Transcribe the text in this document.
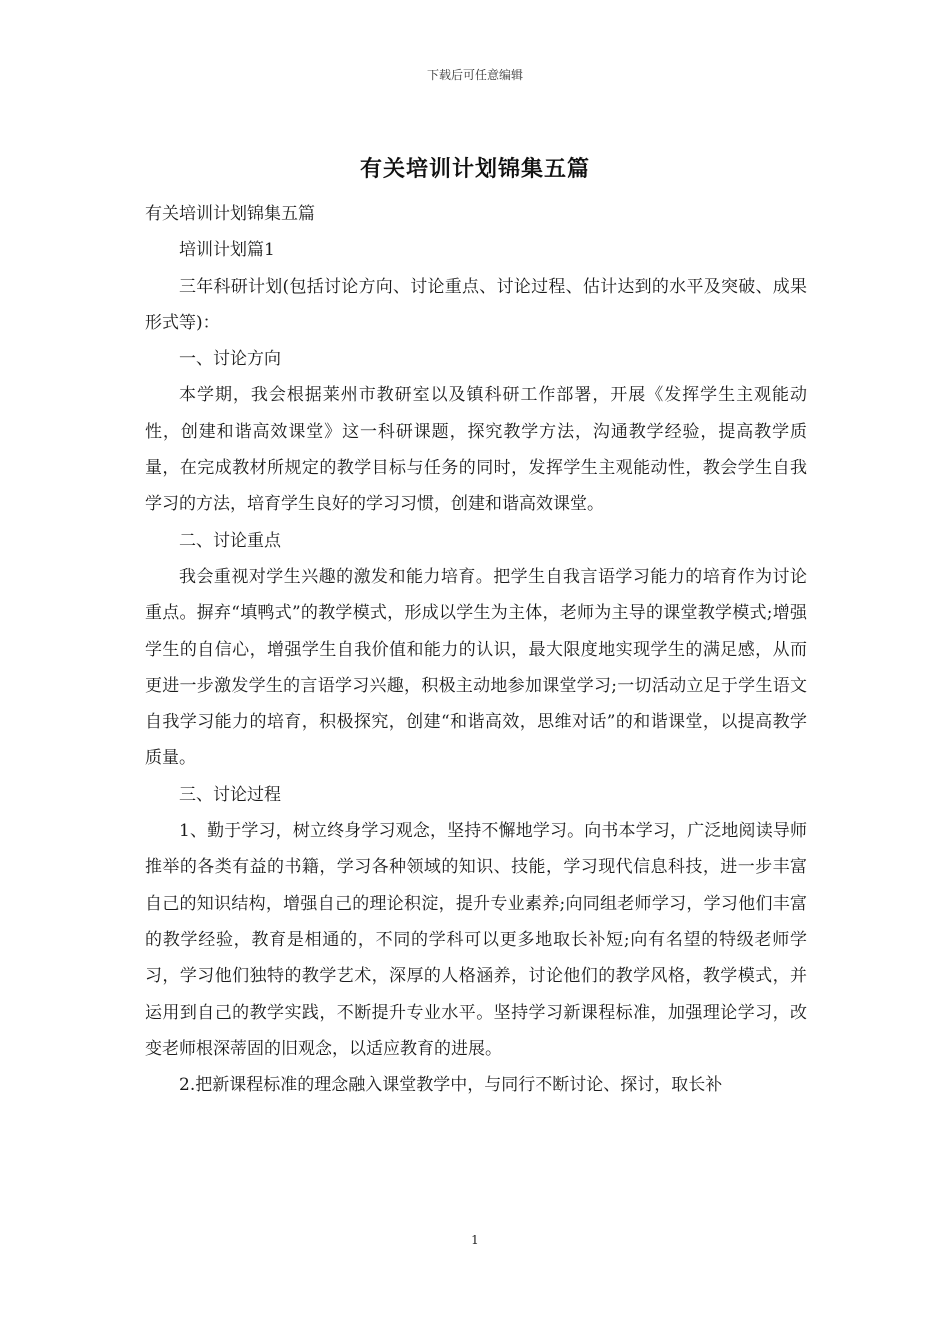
下载后可任意编辑
有关培训计划锦集五篇

有关培训计划锦集五篇

培训计划篇1

三年科研计划(包括讨论方向、讨论重点、讨论过程、估计达到的水平及突破、成果形式等)：

一、讨论方向

本学期，我会根据莱州市教研室以及镇科研工作部署，开展《发挥学生主观能动性，创建和谐高效课堂》这一科研课题，探究教学方法，沟通教学经验，提高教学质量，在完成教材所规定的教学目标与任务的同时，发挥学生主观能动性，教会学生自我学习的方法，培育学生良好的学习习惯，创建和谐高效课堂。

二、讨论重点

我会重视对学生兴趣的激发和能力培育。把学生自我言语学习能力的培育作为讨论重点。摒弃“填鸭式”的教学模式，形成以学生为主体，老师为主导的课堂教学模式;增强学生的自信心，增强学生自我价值和能力的认识，最大限度地实现学生的满足感，从而更进一步激发学生的言语学习兴趣，积极主动地参加课堂学习;一切活动立足于学生语文自我学习能力的培育，积极探究，创建“和谐高效，思维对话”的和谐课堂，以提高教学质量。

三、讨论过程

1、勤于学习，树立终身学习观念，坚持不懈地学习。向书本学习，广泛地阅读导师推举的各类有益的书籍，学习各种领域的知识、技能，学习现代信息科技，进一步丰富自己的知识结构，增强自己的理论积淀，提升专业素养;向同组老师学习，学习他们丰富的教学经验，教育是相通的，不同的学科可以更多地取长补短;向有名望的特级老师学习，学习他们独特的教学艺术，深厚的人格涵养，讨论他们的教学风格，教学模式，并运用到自己的教学实践，不断提升专业水平。坚持学习新课程标准，加强理论学习，改变老师根深蒂固的旧观念，以适应教育的进展。

2.把新课程标准的理念融入课堂教学中，与同行不断讨论、探讨，取长补

1
